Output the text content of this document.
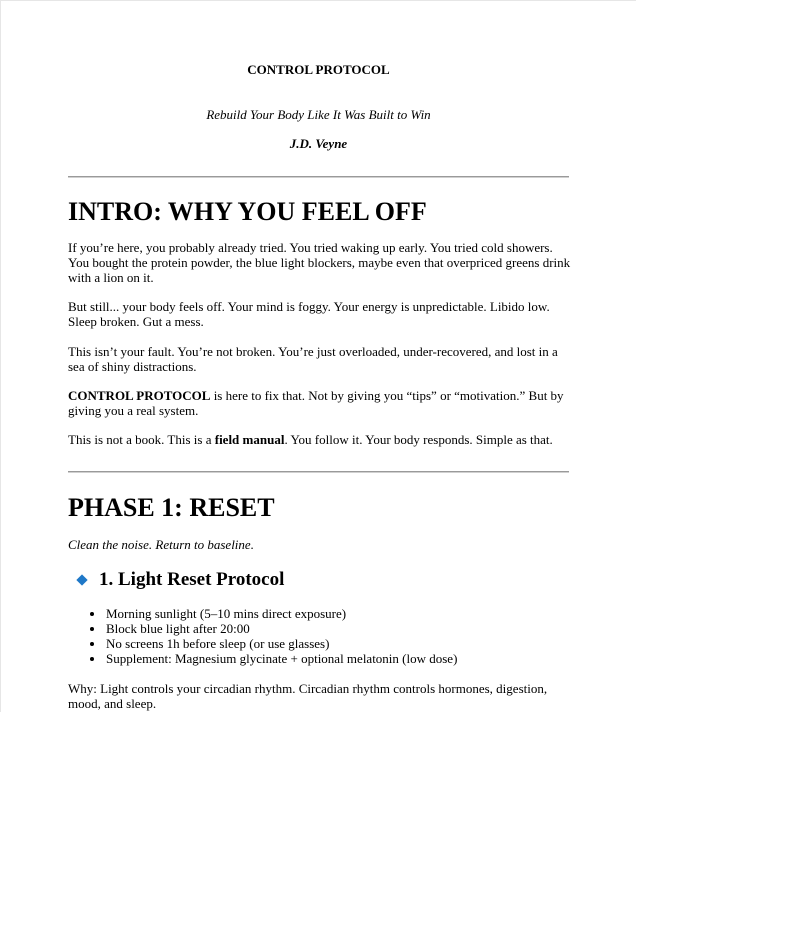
CONTROL PROTOCOL
Rebuild Your Body Like It Was Built to Win
J.D. Veyne
INTRO: WHY YOU FEEL OFF
If you’re here, you probably already tried. You tried waking up early. You tried cold showers. You bought the protein powder, the blue light blockers, maybe even that overpriced greens drink with a lion on it.
But still... your body feels off. Your mind is foggy. Your energy is unpredictable. Libido low. Sleep broken. Gut a mess.
This isn’t your fault. You’re not broken. You’re just overloaded, under-recovered, and lost in a sea of shiny distractions.
CONTROL PROTOCOL is here to fix that. Not by giving you “tips” or “motivation.” But by giving you a real system.
This is not a book. This is a field manual. You follow it. Your body responds. Simple as that.
PHASE 1: RESET
Clean the noise. Return to baseline.
1. Light Reset Protocol
Morning sunlight (5–10 mins direct exposure)
Block blue light after 20:00
No screens 1h before sleep (or use glasses)
Supplement: Magnesium glycinate + optional melatonin (low dose)
Why: Light controls your circadian rhythm. Circadian rhythm controls hormones, digestion, mood, and sleep.
